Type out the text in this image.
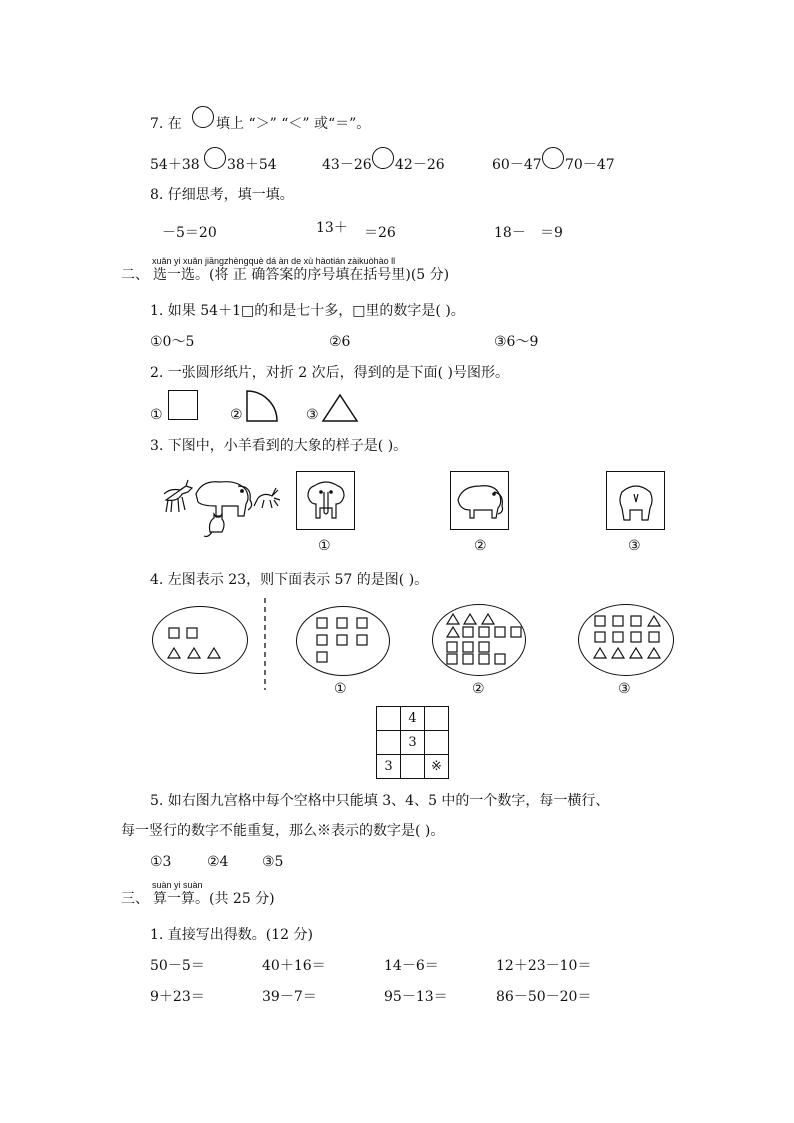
7. 在 填上 “＞” “＜” 或“＝”。
54＋38 38＋54	43－26 42－26	60－47 70－47
8. 仔细思考，填一填。
－5＝20	13＋ ＝26	18－ ＝9
xuǎn yi xuǎn jiāngzhèngquè dá àn de xù hàotián zàikuòhào lǐ
二、 选一选。(将 正 确答案的序号填在括号里)(5 分)
1. 如果 54＋1□的和是七十多，□里的数字是( )。
①0～5	②6	③6～9
2. 一张圆形纸片，对折 2 次后，得到的是下面( )号图形。
①	②	③
3. 下图中，小羊看到的大象的样子是( )。
①	②	③
4. 左图表示 23，则下面表示 57 的是图( )。
①	②	③
	4	
	3	
3		※
5. 如右图九宫格中每个空格中只能填 3、4、5 中的一个数字，每一横行、
每一竖行的数字不能重复，那么※表示的数字是( )。
①3	②4 ③5
suàn yi suàn
三、 算一算。(共 25 分)
1. 直接写出得数。(12 分)
50－5＝	40＋16＝	14－6＝	12＋23－10＝
9＋23＝	39－7＝	95－13＝	86－50－20＝
